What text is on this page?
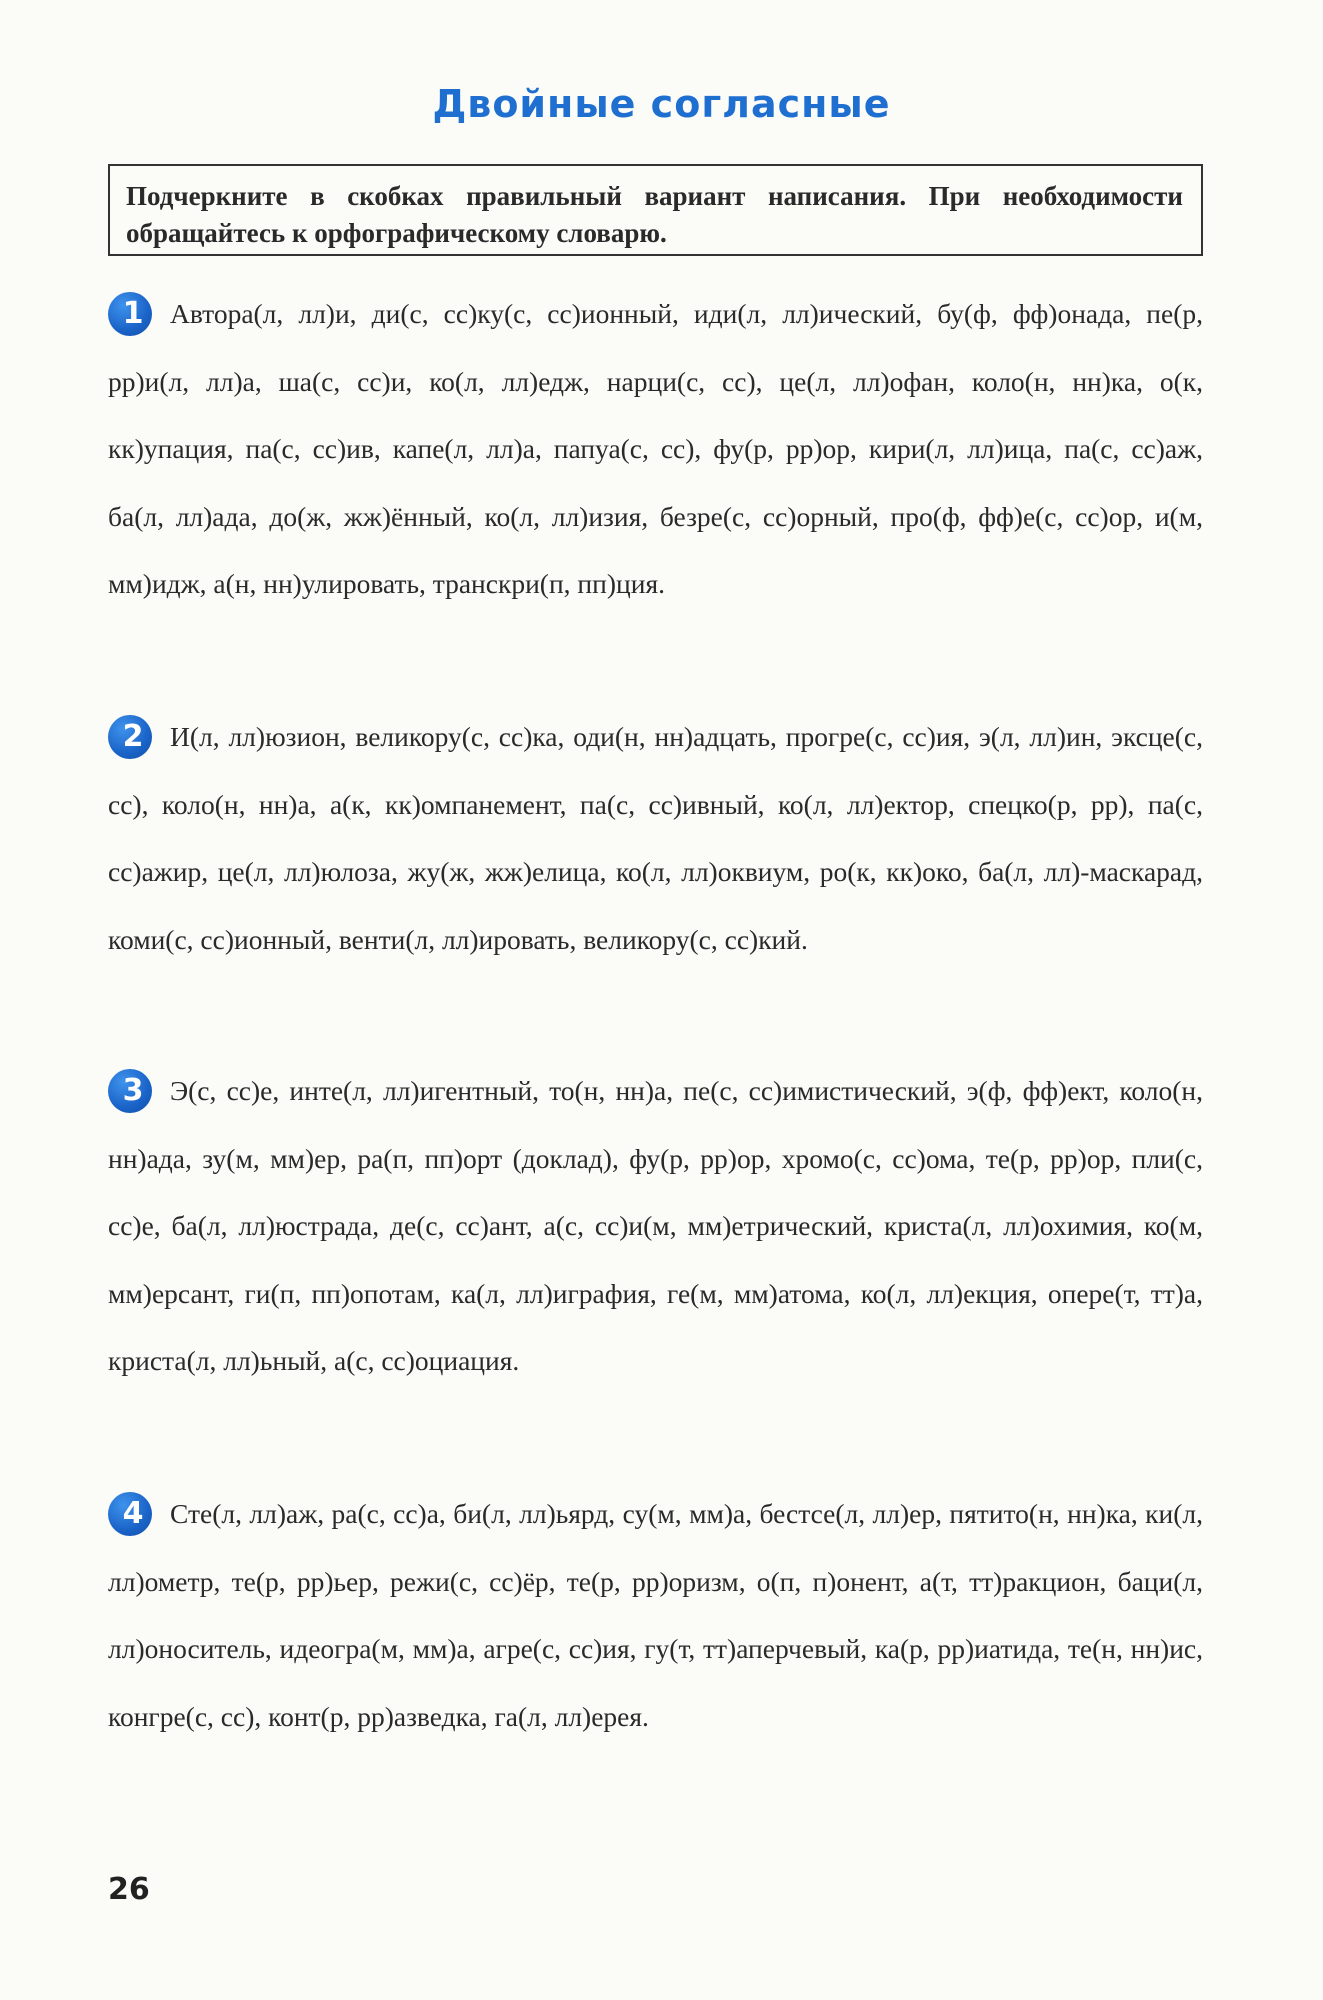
Двойные согласные
Подчеркните в скобках правильный вариант написания. При необходимости обращайтесь к орфографическому словарю.

1 Автора(л, лл)и, ди(с, сс)ку(с, сс)ионный, иди(л, лл)ический, бу(ф, фф)онада, пе(р, рр)и(л, лл)а, ша(с, сс)и, ко(л, лл)едж, нарци(с, сс), це(л, лл)офан, коло(н, нн)ка, о(к, кк)упация, па(с, сс)ив, капе(л, лл)а, папуа(с, сс), фу(р, рр)ор, кири(л, лл)ица, па(с, сс)аж, ба(л, лл)ада, до(ж, жж)ённый, ко(л, лл)изия, безре(с, сс)орный, про(ф, фф)е(с, сс)ор, и(м, мм)идж, а(н, нн)улировать, транскри(п, пп)ция.

2 И(л, лл)юзион, великору(с, сс)ка, оди(н, нн)адцать, прогре(с, сс)ия, э(л, лл)ин, эксце(с, сс), коло(н, нн)а, а(к, кк)омпанемент, па(с, сс)ивный, ко(л, лл)ектор, спецко(р, рр), па(с, сс)ажир, це(л, лл)юлоза, жу(ж, жж)елица, ко(л, лл)оквиум, ро(к, кк)око, ба(л, лл)-маскарад, коми(с, сс)ионный, венти(л, лл)ировать, великору(с, сс)кий.

3 Э(с, сс)е, инте(л, лл)игентный, то(н, нн)а, пе(с, сс)имистический, э(ф, фф)ект, коло(н, нн)ада, зу(м, мм)ер, ра(п, пп)орт (доклад), фу(р, рр)ор, хромо(с, сс)ома, те(р, рр)ор, пли(с, сс)е, ба(л, лл)юстрада, де(с, сс)ант, а(с, сс)и(м, мм)етрический, криста(л, лл)охимия, ко(м, мм)ерсант, ги(п, пп)опотам, ка(л, лл)играфия, ге(м, мм)атома, ко(л, лл)екция, опере(т, тт)а, криста(л, лл)ьный, а(с, сс)оциация.

4 Сте(л, лл)аж, ра(с, сс)а, би(л, лл)ьярд, су(м, мм)а, бестсе(л, лл)ер, пятито(н, нн)ка, ки(л, лл)ометр, те(р, рр)ьер, режи(с, сс)ёр, те(р, рр)оризм, о(п, п)онент, а(т, тт)ракцион, баци(л, лл)оноситель, идеогра(м, мм)а, агре(с, сс)ия, гу(т, тт)аперчевый, ка(р, рр)иатида, те(н, нн)ис, конгре(с, сс), конт(р, рр)азведка, га(л, лл)ерея.

26
